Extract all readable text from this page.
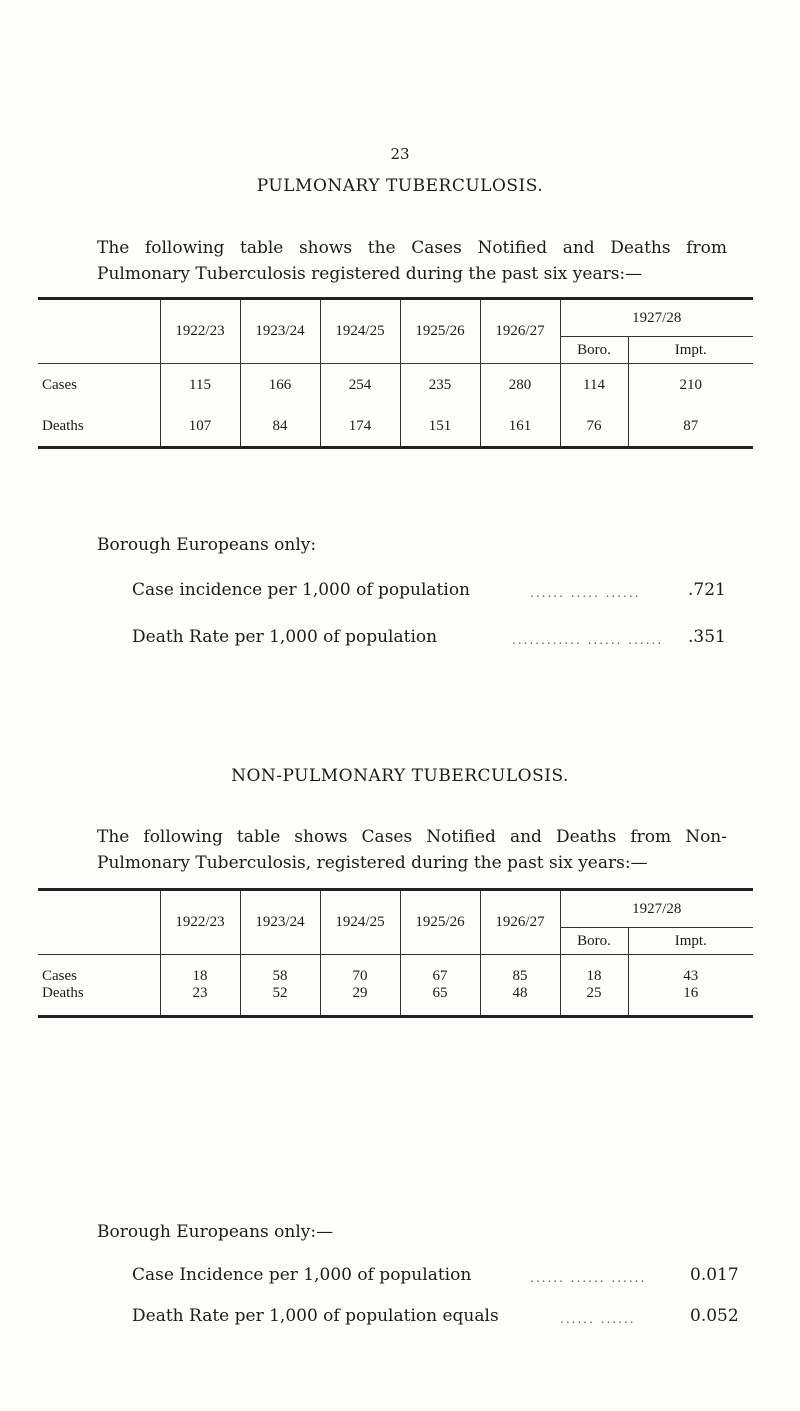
23
PULMONARY TUBERCULOSIS.
The following table shows the Cases Notified and Deaths from Pulmonary Tuberculosis registered during the past six years:—
	1922/23	1923/24	1924/25	1925/26	1926/27	1927/28	
						Boro.	Impt.
Cases	115	166	254	235	280	114	210
Deaths	107	84	174	151	161	76	87
Borough Europeans only:
Case incidence per 1,000 of population	...... ..... ......	.721
Death Rate per 1,000 of population	............ ...... ...... .351
NON-PULMONARY TUBERCULOSIS.
The following table shows Cases Notified and Deaths from Non-Pulmonary Tuberculosis, registered during the past six years:—
	1922/23	1923/24	1924/25	1925/26	1926/27	1927/28	
						Boro.	Impt.
Cases	18	58	70	67	85	18	43
Deaths	23	52	29	65	48	25	16
Borough Europeans only:—
Case Incidence per 1,000 of population	...... ...... ......	0.017
Death Rate per 1,000 of population equals	...... ......	0.052
